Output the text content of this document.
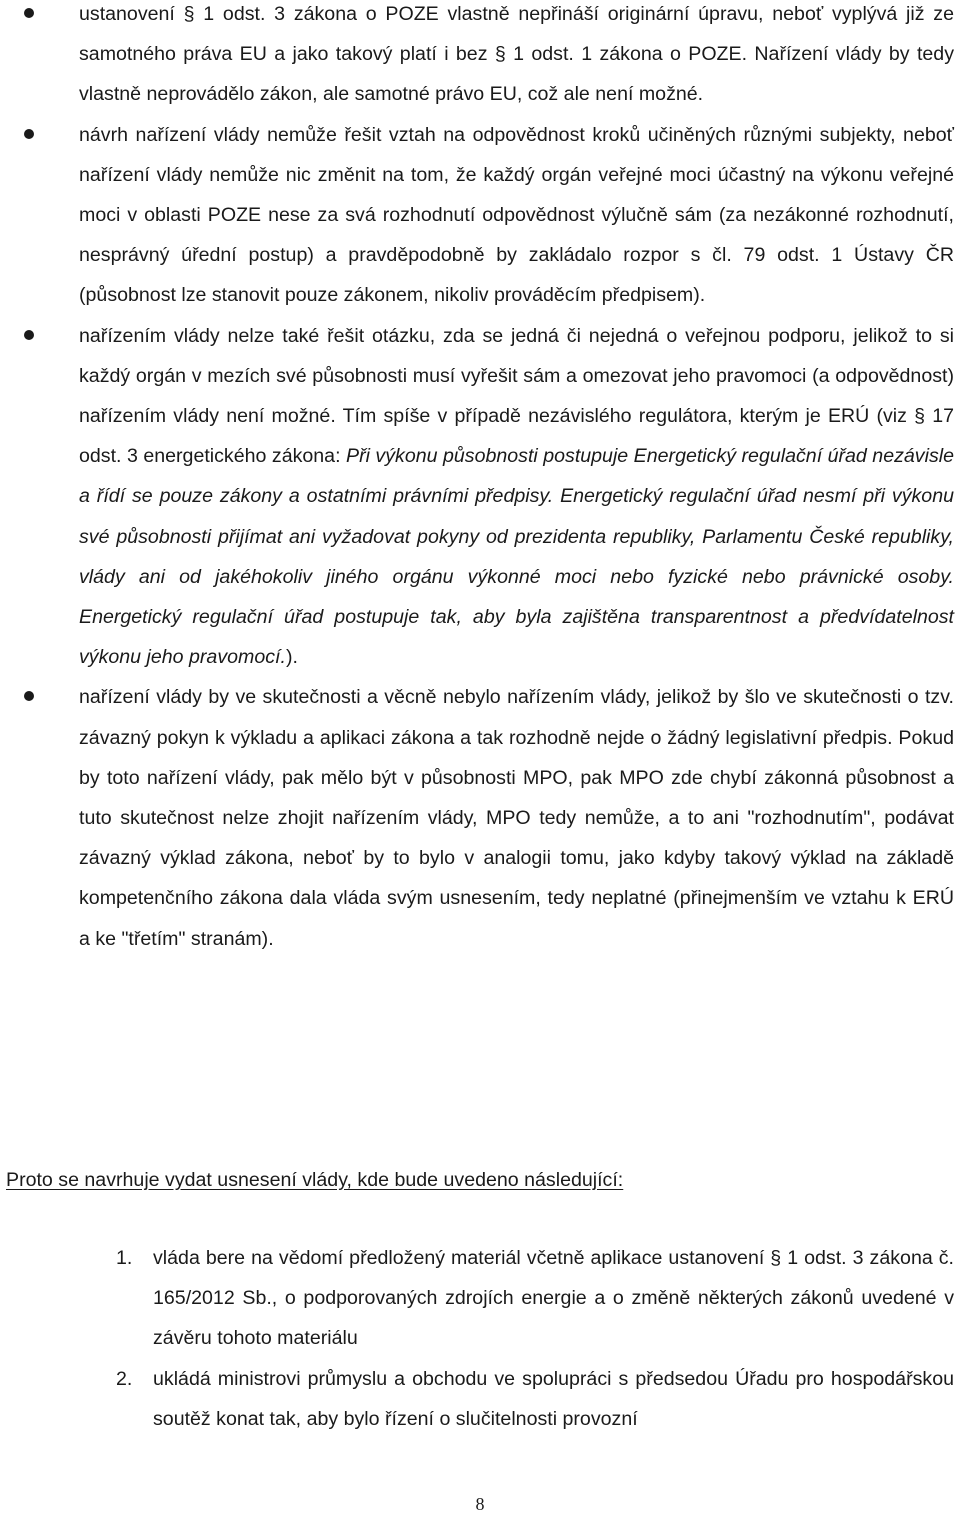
ustanovení § 1 odst. 3 zákona o POZE vlastně nepřináší originární úpravu, neboť vyplývá již ze samotného práva EU a jako takový platí i bez § 1 odst. 1 zákona o POZE. Nařízení vlády by tedy vlastně neprovádělo zákon, ale samotné právo EU, což ale není možné.
návrh nařízení vlády nemůže řešit vztah na odpovědnost kroků učiněných různými subjekty, neboť nařízení vlády nemůže nic změnit na tom, že každý orgán veřejné moci účastný na výkonu veřejné moci v oblasti POZE nese za svá rozhodnutí odpovědnost výlučně sám (za nezákonné rozhodnutí, nesprávný úřední postup) a pravděpodobně by zakládalo rozpor s čl. 79 odst. 1 Ústavy ČR (působnost lze stanovit pouze zákonem, nikoliv prováděcím předpisem).
nařízením vlády nelze také řešit otázku, zda se jedná či nejedná o veřejnou podporu, jelikož to si každý orgán v mezích své působnosti musí vyřešit sám a omezovat jeho pravomoci (a odpovědnost) nařízením vlády není možné. Tím spíše v případě nezávislého regulátora, kterým je ERÚ (viz § 17 odst. 3 energetického zákona: Při výkonu působnosti postupuje Energetický regulační úřad nezávisle a řídí se pouze zákony a ostatními právními předpisy. Energetický regulační úřad nesmí při výkonu své působnosti přijímat ani vyžadovat pokyny od prezidenta republiky, Parlamentu České republiky, vlády ani od jakéhokoliv jiného orgánu výkonné moci nebo fyzické nebo právnické osoby. Energetický regulační úřad postupuje tak, aby byla zajištěna transparentnost a předvídatelnost výkonu jeho pravomocí.).
nařízení vlády by ve skutečnosti a věcně nebylo nařízením vlády, jelikož by šlo ve skutečnosti o tzv. závazný pokyn k výkladu a aplikaci zákona a tak rozhodně nejde o žádný legislativní předpis. Pokud by toto nařízení vlády, pak mělo být v působnosti MPO, pak MPO zde chybí zákonná působnost a tuto skutečnost nelze zhojit nařízením vlády, MPO tedy nemůže, a to ani "rozhodnutím", podávat závazný výklad zákona, neboť by to bylo v analogii tomu, jako kdyby takový výklad na základě kompetenčního zákona dala vláda svým usnesením, tedy neplatné (přinejmenším ve vztahu k ERÚ a ke "třetím" stranám).
Proto se navrhuje vydat usnesení vlády, kde bude uvedeno následující:
1. vláda bere na vědomí předložený materiál včetně aplikace ustanovení § 1 odst. 3 zákona č. 165/2012 Sb., o podporovaných zdrojích energie a o změně některých zákonů uvedené v závěru tohoto materiálu
2. ukládá ministrovi průmyslu a obchodu ve spolupráci s předsedou Úřadu pro hospodářskou soutěž konat tak, aby bylo řízení o slučitelnosti provozní
8
